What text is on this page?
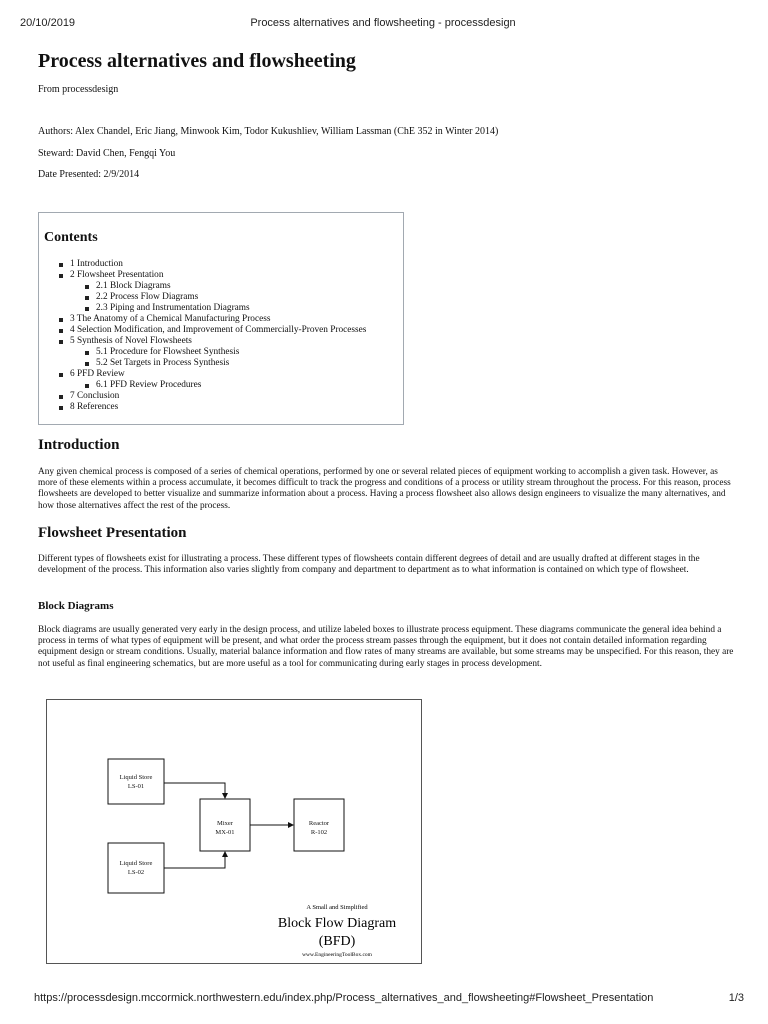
20/10/2019	Process alternatives and flowsheeting - processdesign
Process alternatives and flowsheeting
From processdesign
Authors: Alex Chandel, Eric Jiang, Minwook Kim, Todor Kukushliev, William Lassman (ChE 352 in Winter 2014)
Steward: David Chen, Fengqi You
Date Presented: 2/9/2014
Contents
1 Introduction
2 Flowsheet Presentation
2.1 Block Diagrams
2.2 Process Flow Diagrams
2.3 Piping and Instrumentation Diagrams
3 The Anatomy of a Chemical Manufacturing Process
4 Selection Modification, and Improvement of Commercially-Proven Processes
5 Synthesis of Novel Flowsheets
5.1 Procedure for Flowsheet Synthesis
5.2 Set Targets in Process Synthesis
6 PFD Review
6.1 PFD Review Procedures
7 Conclusion
8 References
Introduction

Any given chemical process is composed of a series of chemical operations, performed by one or several related pieces of equipment working to accomplish a given task. However, as more of these elements within a process accumulate, it becomes difficult to track the progress and conditions of a process or utility stream throughout the process. For this reason, process flowsheets are developed to better visualize and summarize information about a process. Having a process flowsheet also allows design engineers to visualize the many alternatives, and how those alternatives affect the rest of the process.

Flowsheet Presentation

Different types of flowsheets exist for illustrating a process. These different types of flowsheets contain different degrees of detail and are usually drafted at different stages in the development of the process. This information also varies slightly from company and department to department as to what information is contained on which type of flowsheet.

Block Diagrams

Block diagrams are usually generated very early in the design process, and utilize labeled boxes to illustrate process equipment. These diagrams communicate the general idea behind a process in terms of what types of equipment will be present, and what order the process stream passes through the equipment, but it does not contain detailed information regarding equipment design or stream conditions. Usually, material balance information and flow rates of many streams are available, but some streams may be unspecified. For this reason, they are not useful as final engineering schematics, but are more useful as a tool for communicating during early stages in process development.

Liquid Store
LS-01
Liquid Store
LS-02
Mixer
MX-01
Reactor
R-102
A Small and Simplified
Block Flow Diagram
(BFD)
www.EngineeringToolBox.com
https://processdesign.mccormick.northwestern.edu/index.php/Process_alternatives_and_flowsheeting#Flowsheet_Presentation	1/3
